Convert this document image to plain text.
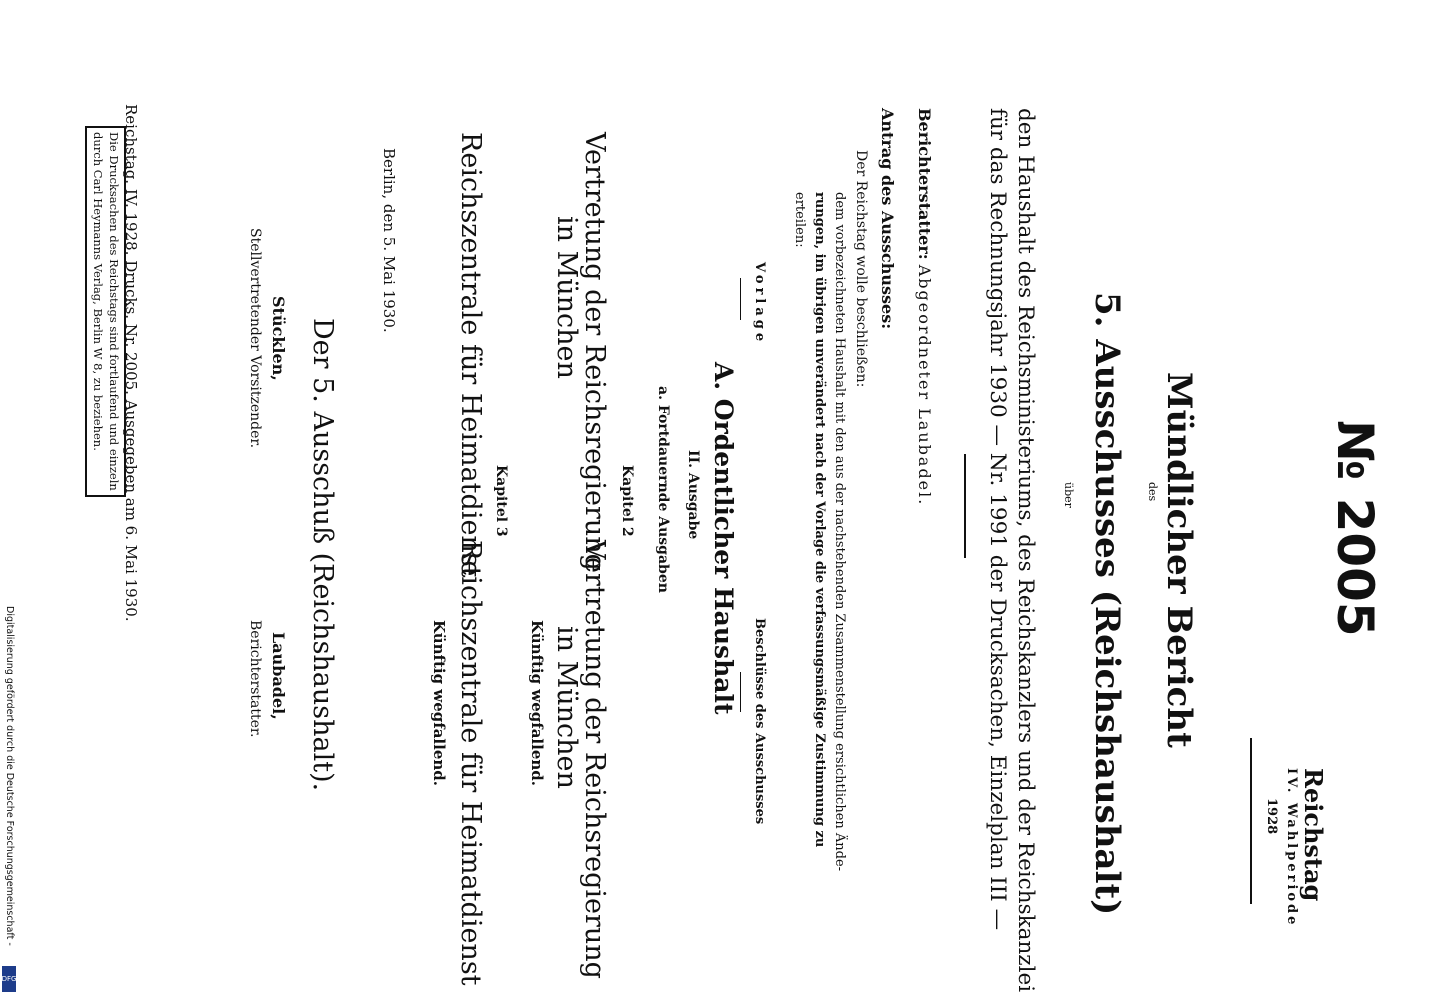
№ 2005
Reichstag
IV. Wahlperiode
1928
Mündlicher Bericht
des
5. Ausschusses (Reichshaushalt)
über
den Haushalt des Reichsministeriums, des Reichskanzlers und der Reichskanzlei
für das Rechnungsjahr 1930 — Nr. 1991 der Drucksachen, Einzelplan III —
Berichterstatter: Abgeordneter Laubadel.
Antrag des Ausschusses:
Der Reichstag wolle beschließen:
dem vorbezeichneten Haushalt mit den aus der nachstehenden Zusammenstellung ersichtlichen Ände-
rungen, im übrigen unverändert nach der Vorlage die verfassungsmäßige Zustimmung zu
erteilen:
Vorlage
Beschlüsse des Ausschusses
A. Ordentlicher Haushalt
II. Ausgabe
a. Fortdauernde Ausgaben
Kapitel 2
Vertretung der Reichsregierung
in München
Vertretung der Reichsregierung
in München
Künftig wegfallend.
Kapitel 3
Reichszentrale für Heimatdienst
Reichszentrale für Heimatdienst
Künftig wegfallend.
Berlin, den 5. Mai 1930.
Der 5. Ausschuß (Reichshaushalt).
Stücklen,
Stellvertretender Vorsitzender.
Laubadel,
Berichterstatter.
Die Drucksachen des Reichstags sind fortlaufend und einzeln
durch Carl Heymanns Verlag, Berlin W 8, zu beziehen. Reichstag. IV. 1928. Drucks. Nr. 2005. Ausgegeben am 6. Mai 1930.
Digitalisierung gefördert durch die Deutsche Forschungsgemeinschaft -
DFG
